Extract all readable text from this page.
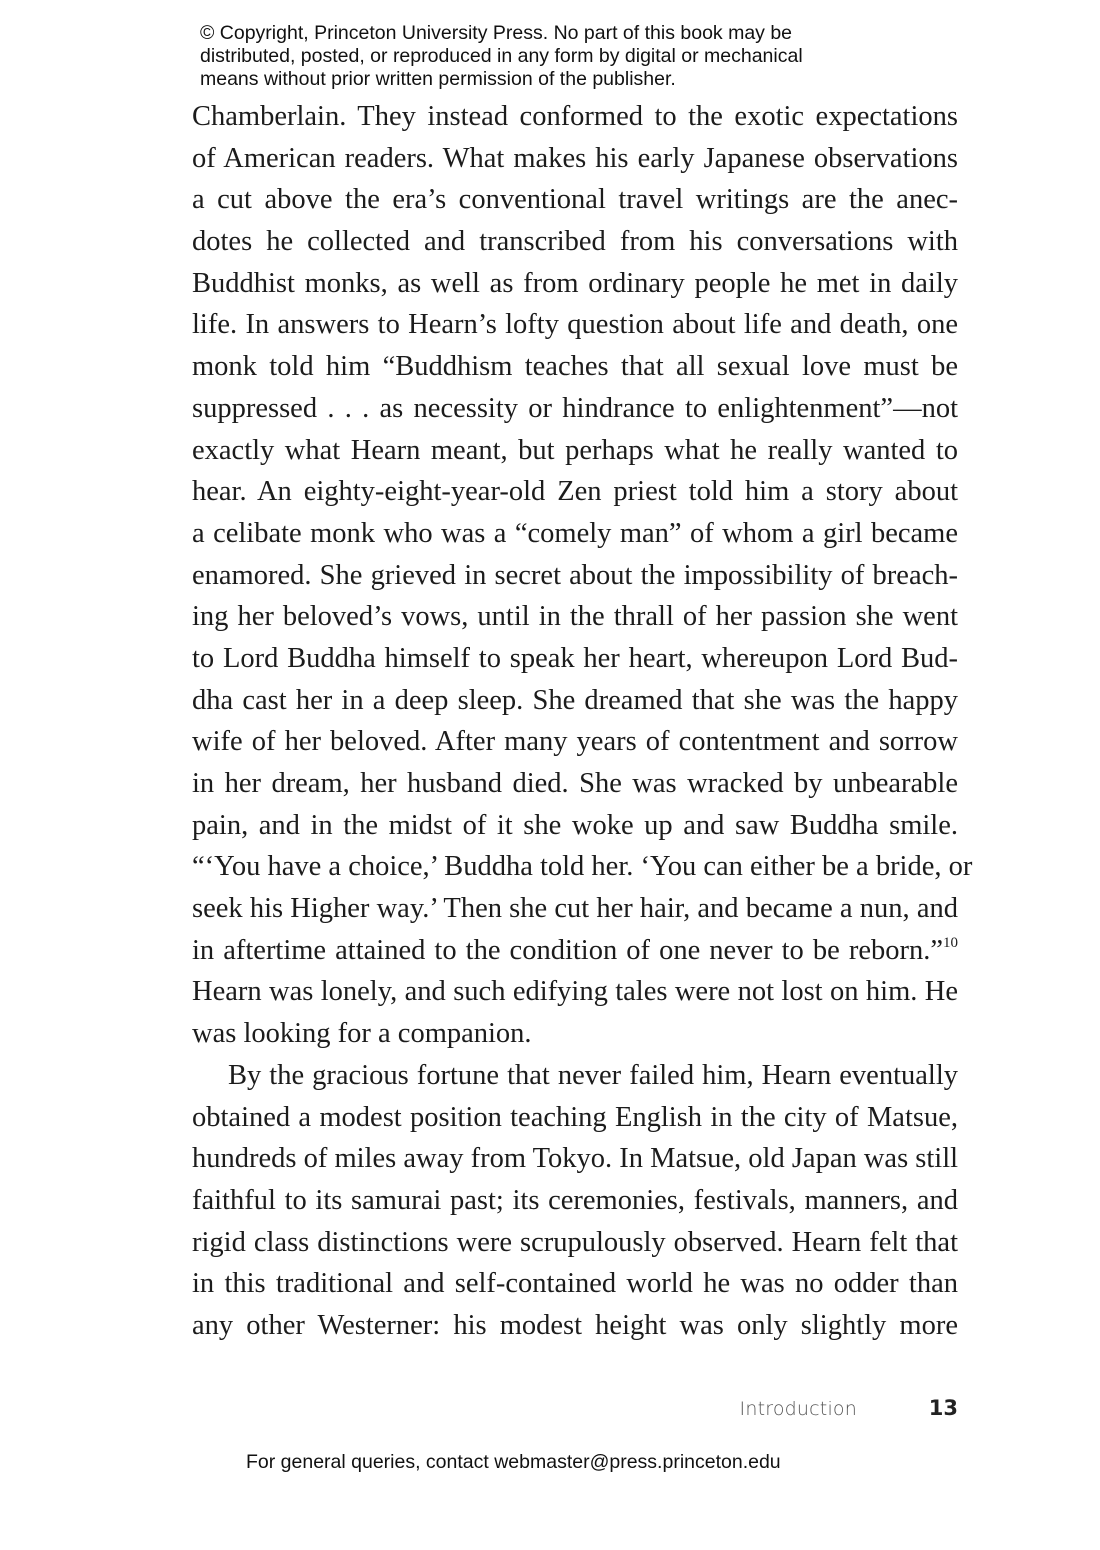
© Copyright, Princeton University Press. No part of this book may be
distributed, posted, or reproduced in any form by digital or mechanical
means without prior written permission of the publisher.
Chamberlain. They instead conformed to the exotic expectations
of American readers. What makes his early Japanese observations
a cut above the era’s conventional travel writings are the anec-
dotes he collected and transcribed from his conversations with
Buddhist monks, as well as from ordinary people he met in daily
life. In answers to Hearn’s lofty question about life and death, one
monk told him “Buddhism teaches that all sexual love must be
suppressed . . . as necessity or hindrance to enlightenment”—not
exactly what Hearn meant, but perhaps what he really wanted to
hear. An eighty-eight-year-old Zen priest told him a story about
a celibate monk who was a “comely man” of whom a girl became
enamored. She grieved in secret about the impossibility of breach-
ing her beloved’s vows, until in the thrall of her passion she went
to Lord Buddha himself to speak her heart, whereupon Lord Bud-
dha cast her in a deep sleep. She dreamed that she was the happy
wife of her beloved. After many years of contentment and sorrow
in her dream, her husband died. She was wracked by unbearable
pain, and in the midst of it she woke up and saw Buddha smile.
“‘You have a choice,’ Buddha told her. ‘You can either be a bride, or
seek his Higher way.’ Then she cut her hair, and became a nun, and
in aftertime attained to the condition of one never to be reborn.”$^{10}$
Hearn was lonely, and such edifying tales were not lost on him. He
was looking for a companion.
By the gracious fortune that never failed him, Hearn eventually
obtained a modest position teaching English in the city of Matsue,
hundreds of miles away from Tokyo. In Matsue, old Japan was still
faithful to its samurai past; its ceremonies, festivals, manners, and
rigid class distinctions were scrupulously observed. Hearn felt that
in this traditional and self-contained world he was no odder than
any other Westerner: his modest height was only slightly more
Introduction	13
For general queries, contact webmaster@press.princeton.edu
